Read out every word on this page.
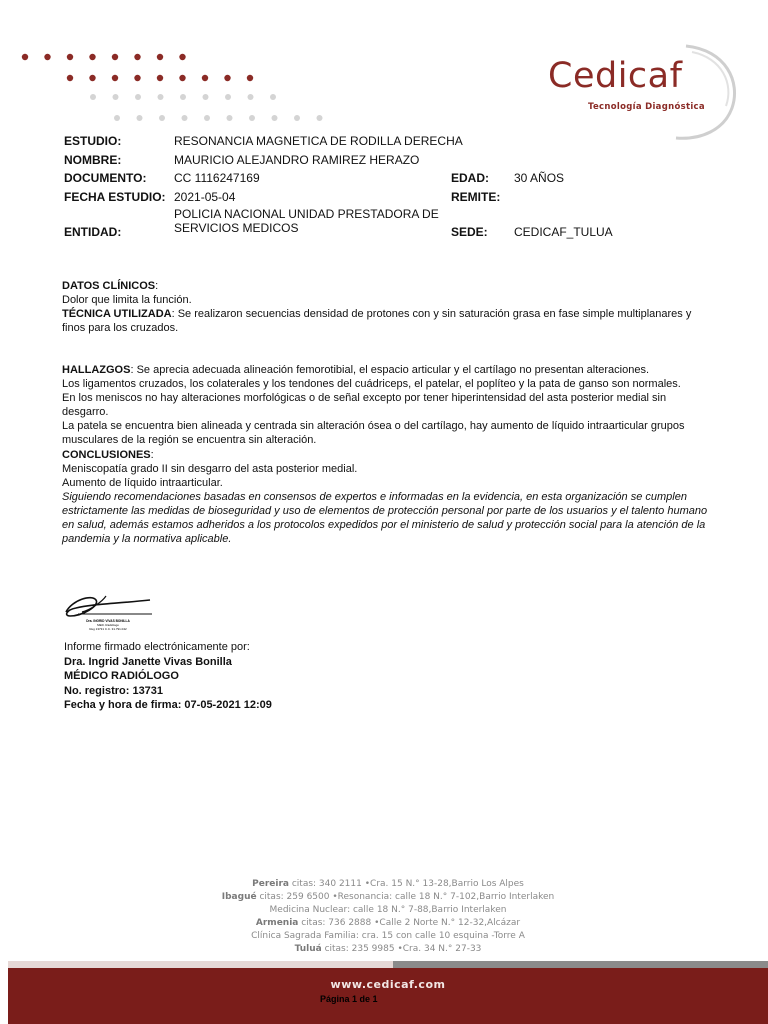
Cedicaf
Tecnología Diagnóstica
ESTUDIO:	RESONANCIA MAGNETICA DE RODILLA DERECHA
NOMBRE:	MAURICIO ALEJANDRO RAMIREZ HERAZO
DOCUMENTO: CC 1116247169	EDAD: 30 AÑOS
FECHA ESTUDIO: 2021-05-04	REMITE:
ENTIDAD:
POLICIA NACIONAL UNIDAD PRESTADORA DE SERVICIOS MEDICOS	SEDE: CEDICAF_TULUA

DATOS CLÍNICOS:

Dolor que limita la función.

TÉCNICA UTILIZADA: Se realizaron secuencias densidad de protones con y sin saturación grasa en fase simple multiplanares y finos para los cruzados.

HALLAZGOS: Se aprecia adecuada alineación femorotibial, el espacio articular y el cartílago no presentan alteraciones.

Los ligamentos cruzados, los colaterales y los tendones del cuádriceps, el patelar, el poplíteo y la pata de ganso son normales.

En los meniscos no hay alteraciones morfológicas o de señal excepto por tener hiperintensidad del asta posterior medial sin desgarro.

La patela se encuentra bien alineada y centrada sin alteración ósea o del cartílago, hay aumento de líquido intraarticular grupos musculares de la región se encuentra sin alteración.

CONCLUSIONES:

Meniscopatía grado II sin desgarro del asta posterior medial.

Aumento de líquido intraarticular.

Siguiendo recomendaciones basadas en consensos de expertos e informadas en la evidencia, en esta organización se cumplen estrictamente las medidas de bioseguridad y uso de elementos de protección personal por parte de los usuarios y el talento humano en salud, además estamos adheridos a los protocolos expedidos por el ministerio de salud y protección social para la atención de la pandemia y la normativa aplicable.

Dra. INGRID VIVAS BONILLA
MED. Radiólogo
Reg 13731 C.C. 31.791.042

Informe firmado electrónicamente por:

Dra. Ingrid Janette Vivas Bonilla

MÉDICO RADIÓLOGO

No. registro: 13731

Fecha y hora de firma: 07-05-2021 12:09

Pereira citas: 340 2111 •Cra. 15 N.° 13-28,Barrio Los Alpes

Ibagué citas: 259 6500 •Resonancia: calle 18 N.° 7-102,Barrio Interlaken

Medicina Nuclear: calle 18 N.° 7-88,Barrio Interlaken

Armenia citas: 736 2888 •Calle 2 Norte N.° 12-32,Alcázar

Clínica Sagrada Familia: cra. 15 con calle 10 esquina -Torre A

Tuluá citas: 235 9985 •Cra. 34 N.° 27-33

www.cedicaf.com
Página 1 de 1
